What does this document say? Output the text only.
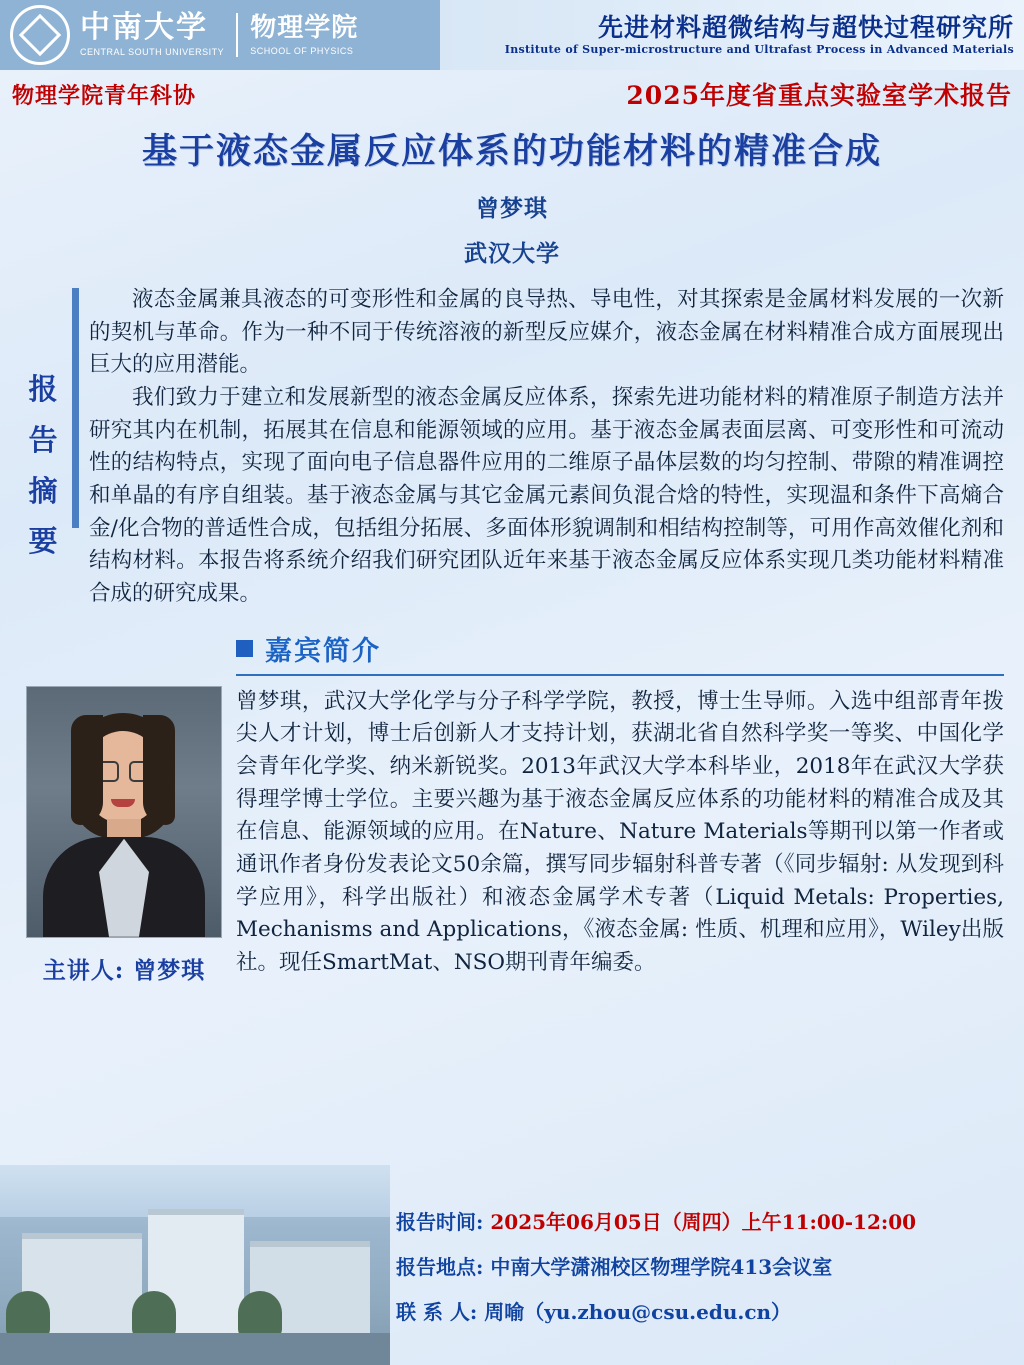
中南大学
CENTRAL SOUTH UNIVERSITY
物理学院
SCHOOL OF PHYSICS
先进材料超微结构与超快过程研究所
Institute of Super-microstructure and Ultrafast Process in Advanced Materials
物理学院青年科协	2025年度省重点实验室学术报告
基于液态金属反应体系的功能材料的精准合成
曾梦琪
武汉大学
报 告 摘 要

液态金属兼具液态的可变形性和金属的良导热、导电性，对其探索是金属材料发展的一次新的契机与革命。作为一种不同于传统溶液的新型反应媒介，液态金属在材料精准合成方面展现出巨大的应用潜能。

我们致力于建立和发展新型的液态金属反应体系，探索先进功能材料的精准原子制造方法并研究其内在机制，拓展其在信息和能源领域的应用。基于液态金属表面层离、可变形性和可流动性的结构特点，实现了面向电子信息器件应用的二维原子晶体层数的均匀控制、带隙的精准调控和单晶的有序自组装。基于液态金属与其它金属元素间负混合焓的特性，实现温和条件下高熵合金/化合物的普适性合成，包括组分拓展、多面体形貌调制和相结构控制等，可用作高效催化剂和结构材料。本报告将系统介绍我们研究团队近年来基于液态金属反应体系实现几类功能材料精准合成的研究成果。

嘉宾简介
主讲人: 曾梦琪
曾梦琪，武汉大学化学与分子科学学院，教授，博士生导师。入选中组部青年拨尖人才计划，博士后创新人才支持计划，获湖北省自然科学奖一等奖、中国化学会青年化学奖、纳米新锐奖。2013年武汉大学本科毕业，2018年在武汉大学获得理学博士学位。主要兴趣为基于液态金属反应体系的功能材料的精准合成及其在信息、能源领域的应用。在Nature、Nature Materials等期刊以第一作者或通讯作者身份发表论文50余篇，撰写同步辐射科普专著（《同步辐射: 从发现到科学应用》，科学出版社）和液态金属学术专著（Liquid Metals: Properties, Mechanisms and Applications，《液态金属: 性质、机理和应用》，Wiley出版社。现任SmartMat、NSO期刊青年编委。
报告时间: 2025年06月05日（周四）上午11:00-12:00
报告地点: 中南大学潇湘校区物理学院413会议室
联 系 人: 周喻（yu.zhou@csu.edu.cn）
